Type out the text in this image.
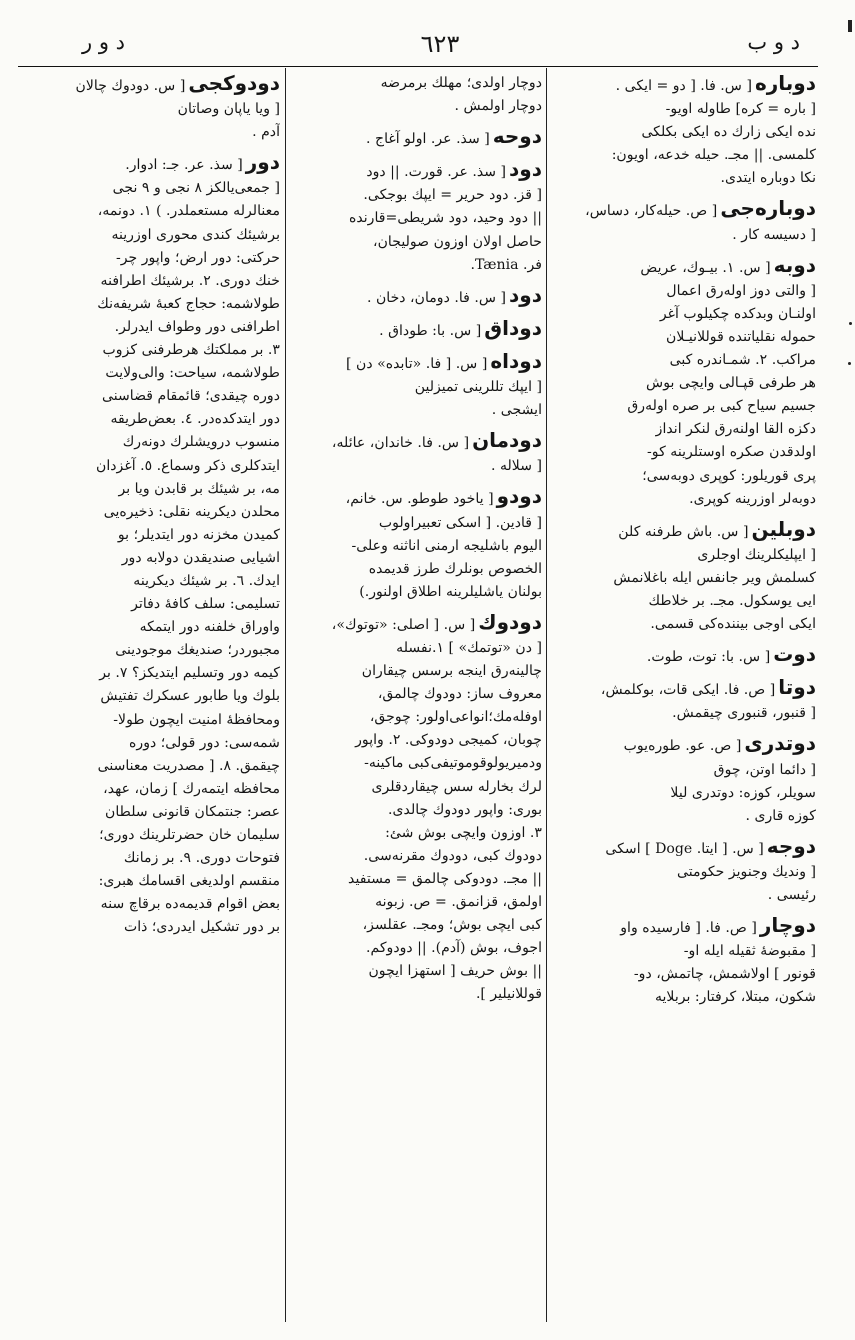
د و ب
٦٢٣
د و ر
دوباره[ س. فا. [ دو = ایکی .
[ باره = كره] طاوله اویو-
نده ایکی زارك ده ایکی بکلکی
کلمسی. || مجـ. حیله خدعه، اویون:
نكا دوباره ایتدی.
دوباره‌جی[ ص. حیله‌کار، دساس،
[ دسیسه کار .
دوبه[ س. ١. بیـوك، عریض
[ والتی دوز اوله‌رق اعمال
اولنـان وبدکده چکیلوب آغر
حموله نقلیاتنده قوللانیـلان
مراكب. ٢. شمـاندره کبی
هر طرفی قپـالی وایچی بوش
جسیم سیاح کبی بر صره اوله‌رق
دکزه القا اولنه‌رق لنکر انداز
اولدقدن صکره اوستلرینه کو-
پری قوریلور: کوپری دوبه‌سی؛
دوبه‌لر اوزرینه کوپری.
دوبلین[ س. باش طرفنه کلن
[ ایپلیکلرینك اوجلری
کسلمش ویر جانفس ایله باغلانمش
ایی یوسکول. مجـ. بر خلاطك
ایکی اوجی بیننده‌کی قسمی.
دوت[ س. با: توت، طوت.
دوتا[ ص. فا. ایکی قات، بوکلمش،
[ قنبور، قنبوری چیقمش.
دوتدری[ ص. عو. طوره‌یوب
[ دائما اوتن، چوق
سویلر، کوزه: دوتدری لیلا
کوزه قاری .
دوجه[ س. [ ایتا. Doge ] اسکی
[ وندیك وجنویز حکومتی
رئیسی .
دوچار[ ص. فا. [ فارسیده واو
[ مقبوضهٔ ثقیله ایله او-
قونور ] اولاشمش، چاتمش، دو-
شکون، مبتلا، کرفتار: بربلایه
دوچار اولدی؛ مهلك برمرضه
دوچار اولمش .
دوحه[ سذ. عر. اولو آغاج .
دود[ سذ. عر. قورت. || دود
[ قز. دود حریر = ایپك بوجکی.
|| دود وحید، دود شریطی=قارنده
حاصل اولان اوزون صولیجان،
فر. Tænia.
دود[ س. فا. دومان، دخان .
دوداق[ س. با: طوداق .
دوداه[ س. [ فا. «تابده» دن ]
[ ایپك تللرینی تمیزلین
ایشجی .
دودمان[ س. فا. خاندان، عائله،
[ سلاله .
دودو[ یاخود طوطو. س. خانم،
[ قادین. [ اسکی تعبیراولوب
الیوم باشلیجه ارمنی اناثنه وعلی-
الخصوص بونلرك طرز قدیمده
بولنان یاشلیلرینه اطلاق اولنور.)
دودوك[ س. [ اصلی: «توتوك»،
[ دن «توتمك» ] ١.نفسله
چالینه‌رق اینجه برسس چیقاران
معروف ساز: دودوك چالمق،
اوفله‌مك؛انواعی‌اولور: چوجق،
چوبان، کمیجی دودوکی. ٢. واپور
ودمیریولوقوموتیفی‌کبی ماکینه-
لرك بخارله سس چیقاردقلری
بوری: واپور دودوك چالدی.
٣. اوزون وایچی بوش شئ:
دودوك کبی، دودوك مقرنه‌سی.
|| مجـ. دودوکی چالمق = مستفید
اولمق، قزانمق. = ص. زبونه
کبی ایچی بوش؛ ومجـ. عقلسز،
اجوف، بوش (آدم). || دودوکم.
|| بوش حریف [ استهزا ایچون
قوللانیلیر ].
دودوکجی[ س. دودوك چالان
[ ویا یاپان وصاتان
آدم .
دور[ سذ. عر. جـ: ادوار.
[ جمعی‌یالکز ٨ نجی و ٩ نجی
معنالرله مستعملدر. ) ١. دونمه،
برشیئك کندی محوری اوزرینه
حرکتی: دور ارض؛ واپور چر-
خنك دوری. ٢. برشیئك اطرافنه
طولاشمه: حجاج کعبهٔ شریفه‌نك
اطرافنی دور وطواف ایدرلر.
٣. بر مملکتك هرطرفنی کزوب
طولاشمه، سیاحت: والی‌ولایت
دوره چیقدی؛ قائمقام قضاسنی
دور ایتدکده‌در. ٤. بعض‌طریقه
منسوب درویشلرك دونه‌رك
ایتدکلری ذکر وسماع. ٥. آغزدان
مه، بر شیئك بر قابدن ویا بر
محلدن دیکرینه نقلی: ذخیره‌یی
کمیدن مخزنه دور ایتدیلر؛ بو
اشیایی صندیقدن دولابه دور
ایدك. ٦. بر شیئك دیکرینه
تسلیمی: سلف کافهٔ دفاتر
واوراق خلفنه دور ایتمکه
مجبوردر؛ صندیغك موجودینی
کیمه دور وتسلیم ایتدیکز؟ ٧. بر
بلوك ویا طابور عسکرك تفتیش
ومحافظهٔ امنیت ایچون طولا-
شمه‌سی: دور قولی؛ دوره
چیقمق. ٨. [ مصدریت معناسنی
محافظه ایتمه‌رك ] زمان، عهد،
عصر: جنتمكان قانونی سلطان
سلیمان خان حضرتلرینك دوری؛
فتوحات دوری. ٩. بر زمانك
منقسم اولدیغی اقسامك هبری:
بعض اقوام قدیمه‌ده برقاچ سنه
بر دور تشکیل ایدردی؛ ذات
